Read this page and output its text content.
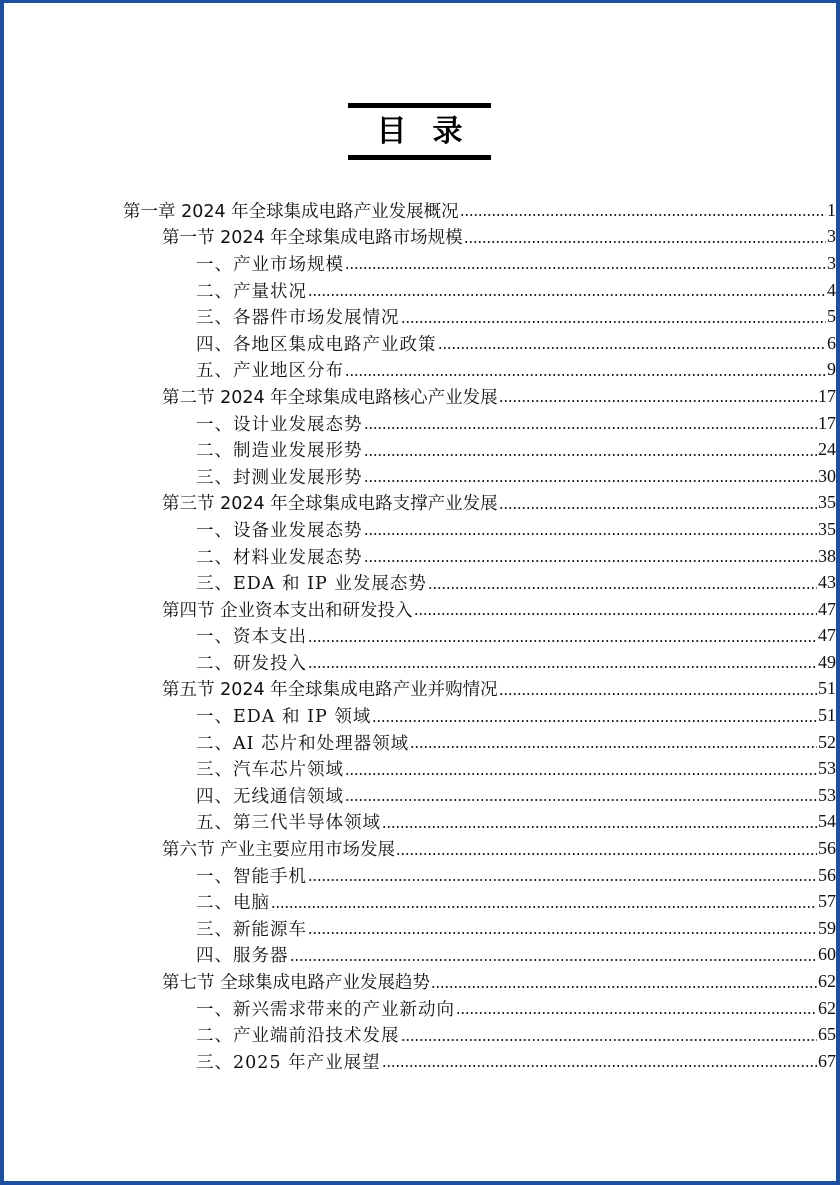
目录
第一章 2024 年全球集成电路产业发展概况	1
第一节 2024 年全球集成电路市场规模	3
一、产业市场规模	3
二、产量状况	4
三、各器件市场发展情况	5
四、各地区集成电路产业政策	6
五、产业地区分布	9
第二节 2024 年全球集成电路核心产业发展	17
一、设计业发展态势	17
二、制造业发展形势	24
三、封测业发展形势	30
第三节 2024 年全球集成电路支撑产业发展	35
一、设备业发展态势	35
二、材料业发展态势	38
三、EDA 和 IP 业发展态势	43
第四节 企业资本支出和研发投入	47
一、资本支出	47
二、研发投入	49
第五节 2024 年全球集成电路产业并购情况	51
一、EDA 和 IP 领域	51
二、AI 芯片和处理器领域	52
三、汽车芯片领域	53
四、无线通信领域	53
五、第三代半导体领域	54
第六节 产业主要应用市场发展	56
一、智能手机	56
二、电脑	57
三、新能源车	59
四、服务器	60
第七节 全球集成电路产业发展趋势	62
一、新兴需求带来的产业新动向	62
二、产业端前沿技术发展	65
三、2025 年产业展望	67
